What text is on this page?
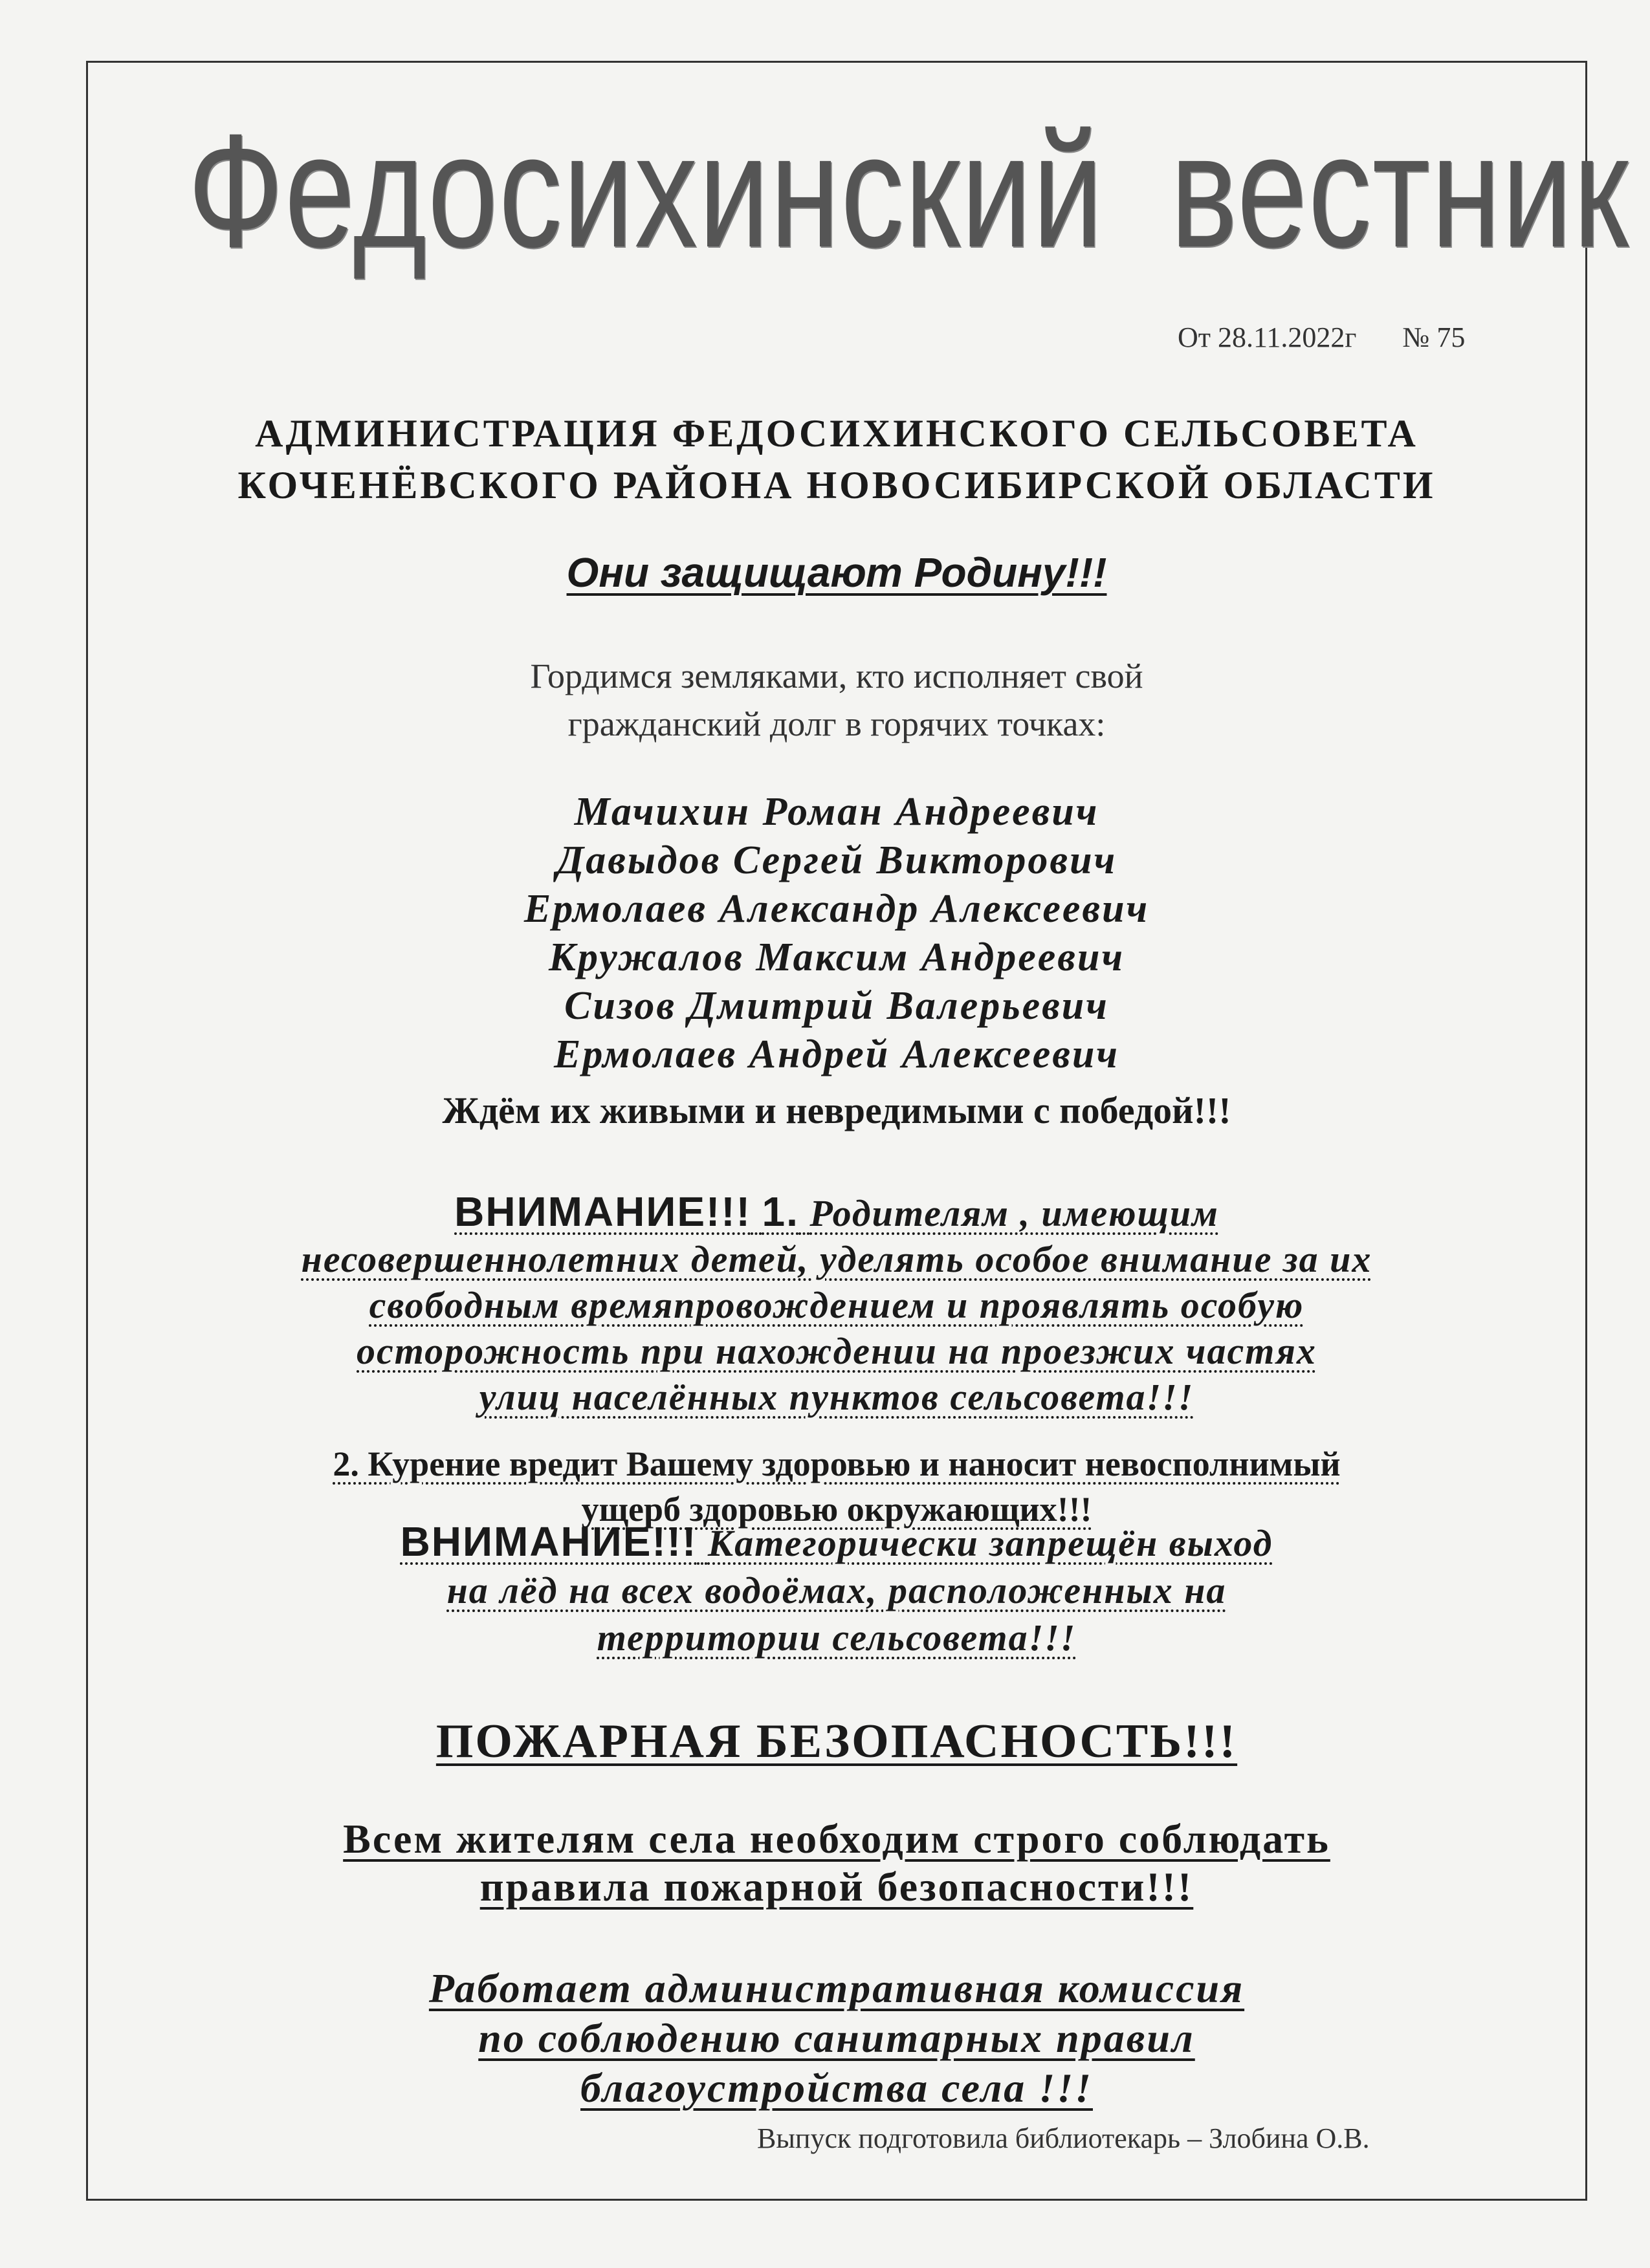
Федосихинский вестник
От 28.11.2022г № 75
АДМИНИСТРАЦИЯ ФЕДОСИХИНСКОГО СЕЛЬСОВЕТА
КОЧЕНЁВСКОГО РАЙОНА НОВОСИБИРСКОЙ ОБЛАСТИ
Они защищают Родину!!!
Гордимся земляками, кто исполняет свой
гражданский долг в горячих точках:
Мачихин Роман Андреевич
Давыдов Сергей Викторович
Ермолаев Александр Алексеевич
Кружалов Максим Андреевич
Сизов Дмитрий Валерьевич
Ермолаев Андрей Алексеевич
Ждём их живыми и невредимыми с победой!!!
ВНИМАНИЕ!!! 1. Родителям , имеющим
несовершеннолетних детей, уделять особое внимание за их
свободным времяпровождением и проявлять особую
осторожность при нахождении на проезжих частях
улиц населённых пунктов сельсовета!!!
2. Курение вредит Вашему здоровью и наносит невосполнимый
ущерб здоровью окружающих!!!
ВНИМАНИЕ!!! Категорически запрещён выход
на лёд на всех водоёмах, расположенных на
территории сельсовета!!!
ПОЖАРНАЯ БЕЗОПАСНОСТЬ!!!
Всем жителям села необходим строго соблюдать
правила пожарной безопасности!!!
Работает административная комиссия
по соблюдению санитарных правил
благоустройства села !!!
Выпуск подготовила библиотекарь – Злобина О.В.
